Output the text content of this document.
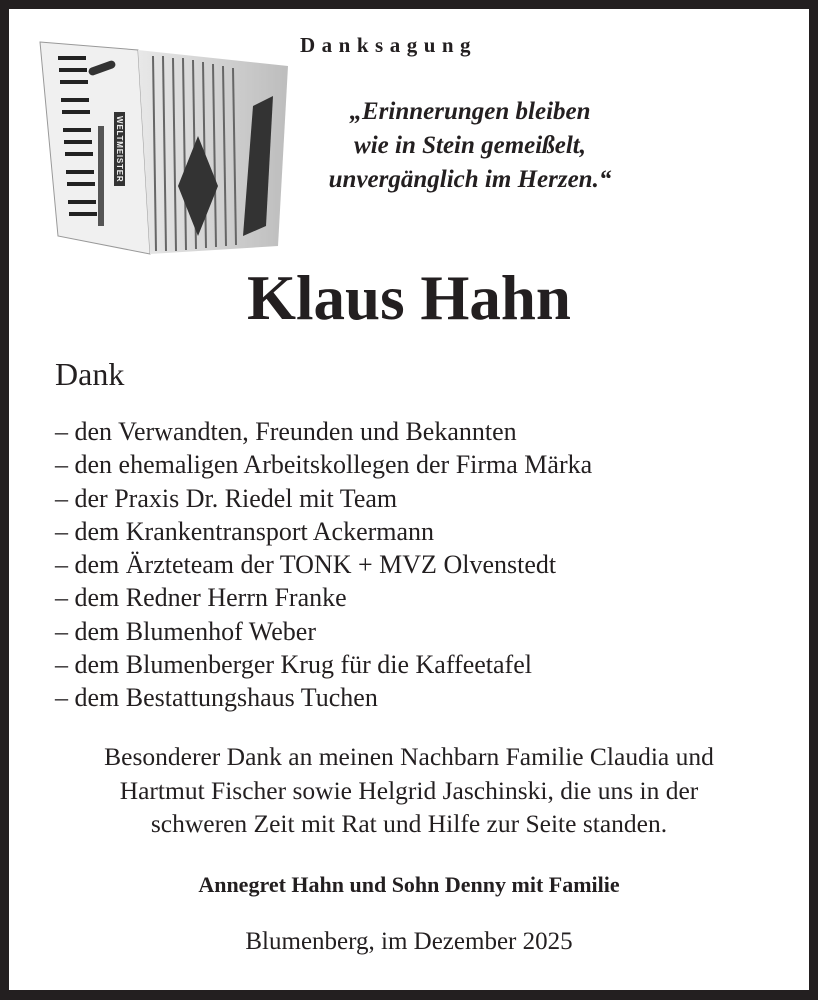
WELTMEISTER
Danksagung
„Erinnerungen bleiben
wie in Stein gemeißelt,
unvergänglich im Herzen.“
Klaus Hahn
Dank
– den Verwandten, Freunden und Bekannten
– den ehemaligen Arbeitskollegen der Firma Märka
– der Praxis Dr. Riedel mit Team
– dem Krankentransport Ackermann
– dem Ärzteteam der TONK + MVZ Olvenstedt
– dem Redner Herrn Franke
– dem Blumenhof Weber
– dem Blumenberger Krug für die Kaffeetafel
– dem Bestattungshaus Tuchen
Besonderer Dank an meinen Nachbarn Familie Claudia und
Hartmut Fischer sowie Helgrid Jaschinski, die uns in der
schweren Zeit mit Rat und Hilfe zur Seite standen.
Annegret Hahn und Sohn Denny mit Familie
Blumenberg, im Dezember 2025
